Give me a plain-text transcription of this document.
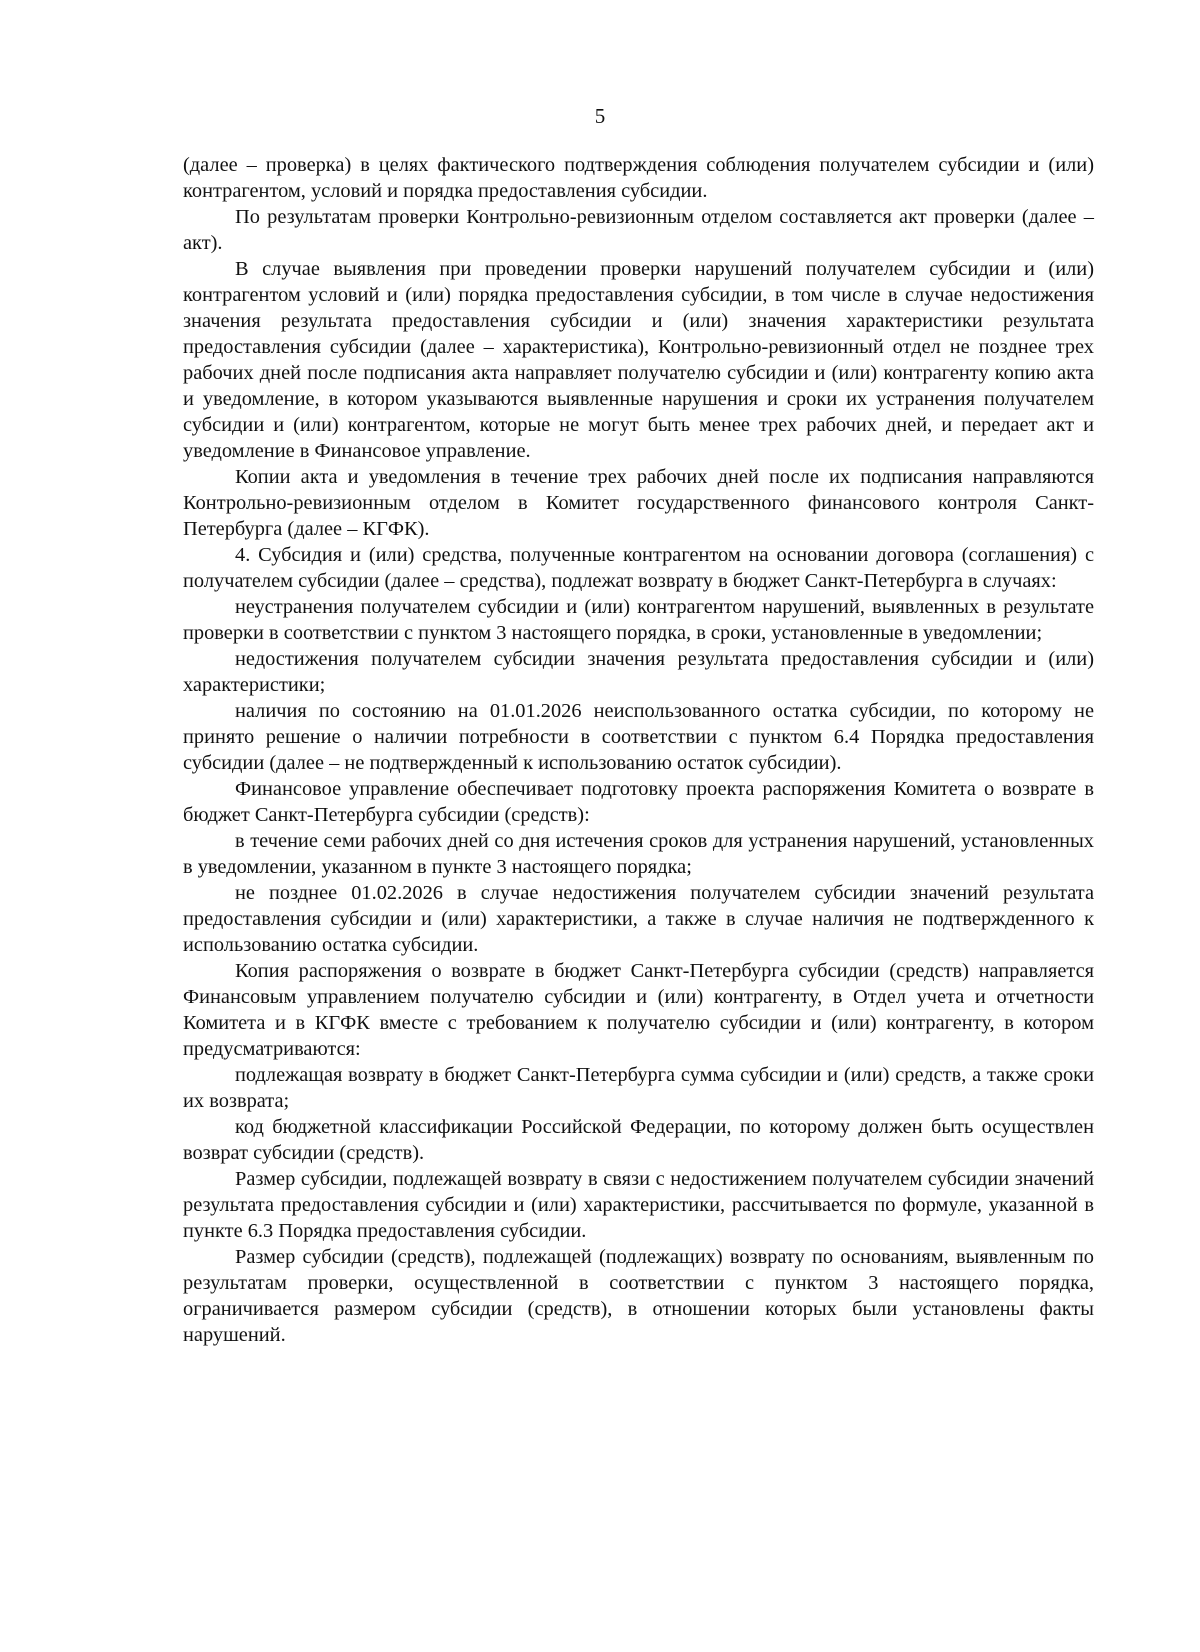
5

(далее – проверка) в целях фактического подтверждения соблюдения получателем субсидии и (или) контрагентом, условий и порядка предоставления субсидии.

По результатам проверки Контрольно-ревизионным отделом составляется акт проверки (далее – акт).

В случае выявления при проведении проверки нарушений получателем субсидии и (или) контрагентом условий и (или) порядка предоставления субсидии, в том числе в случае недостижения значения результата предоставления субсидии и (или) значения характеристики результата предоставления субсидии (далее – характеристика), Контрольно-ревизионный отдел не позднее трех рабочих дней после подписания акта направляет получателю субсидии и (или) контрагенту копию акта и уведомление, в котором указываются выявленные нарушения и сроки их устранения получателем субсидии и (или) контрагентом, которые не могут быть менее трех рабочих дней, и передает акт и уведомление в Финансовое управление.

Копии акта и уведомления в течение трех рабочих дней после их подписания направляются Контрольно-ревизионным отделом в Комитет государственного финансового контроля Санкт-Петербурга (далее – КГФК).

4. Субсидия и (или) средства, полученные контрагентом на основании договора (соглашения) с получателем субсидии (далее – средства), подлежат возврату в бюджет Санкт-Петербурга в случаях:

неустранения получателем субсидии и (или) контрагентом нарушений, выявленных в результате проверки в соответствии с пунктом 3 настоящего порядка, в сроки, установленные в уведомлении;

недостижения получателем субсидии значения результата предоставления субсидии и (или) характеристики;

наличия по состоянию на 01.01.2026 неиспользованного остатка субсидии, по которому не принято решение о наличии потребности в соответствии с пунктом 6.4 Порядка предоставления субсидии (далее – не подтвержденный к использованию остаток субсидии).

Финансовое управление обеспечивает подготовку проекта распоряжения Комитета о возврате в бюджет Санкт-Петербурга субсидии (средств):

в течение семи рабочих дней со дня истечения сроков для устранения нарушений, установленных в уведомлении, указанном в пункте 3 настоящего порядка;

не позднее 01.02.2026 в случае недостижения получателем субсидии значений результата предоставления субсидии и (или) характеристики, а также в случае наличия не подтвержденного к использованию остатка субсидии.

Копия распоряжения о возврате в бюджет Санкт-Петербурга субсидии (средств) направляется Финансовым управлением получателю субсидии и (или) контрагенту, в Отдел учета и отчетности Комитета и в КГФК вместе с требованием к получателю субсидии и (или) контрагенту, в котором предусматриваются:

подлежащая возврату в бюджет Санкт-Петербурга сумма субсидии и (или) средств, а также сроки их возврата;

код бюджетной классификации Российской Федерации, по которому должен быть осуществлен возврат субсидии (средств).

Размер субсидии, подлежащей возврату в связи с недостижением получателем субсидии значений результата предоставления субсидии и (или) характеристики, рассчитывается по формуле, указанной в пункте 6.3 Порядка предоставления субсидии.

Размер субсидии (средств), подлежащей (подлежащих) возврату по основаниям, выявленным по результатам проверки, осуществленной в соответствии с пунктом 3 настоящего порядка, ограничивается размером субсидии (средств), в отношении которых были установлены факты нарушений.
